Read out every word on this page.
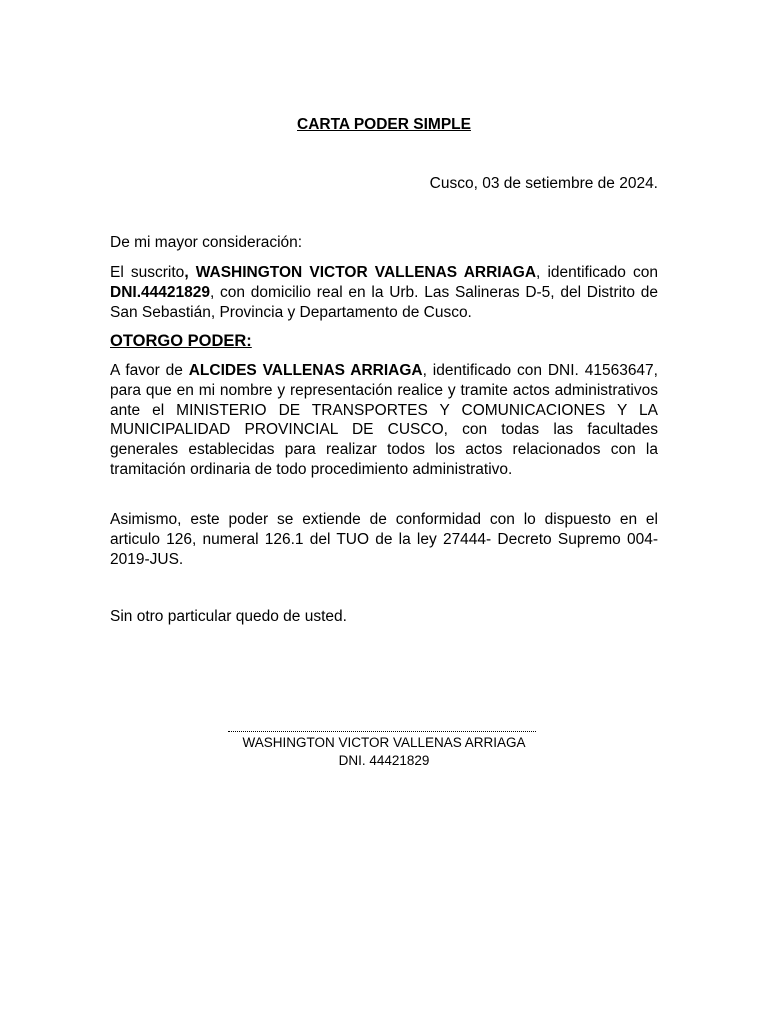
CARTA PODER SIMPLE
Cusco, 03 de setiembre de 2024.
De mi mayor consideración:
El suscrito, WASHINGTON VICTOR VALLENAS ARRIAGA, identificado con DNI.44421829, con domicilio real en la Urb. Las Salineras D-5, del Distrito de San Sebastián, Provincia y Departamento de Cusco.
OTORGO PODER:
A favor de ALCIDES VALLENAS ARRIAGA, identificado con DNI. 41563647, para que en mi nombre y representación realice y tramite actos administrativos ante el MINISTERIO DE TRANSPORTES Y COMUNICACIONES Y LA MUNICIPALIDAD PROVINCIAL DE CUSCO, con todas las facultades generales establecidas para realizar todos los actos relacionados con la tramitación ordinaria de todo procedimiento administrativo.
Asimismo, este poder se extiende de conformidad con lo dispuesto en el articulo 126, numeral 126.1 del TUO de la ley 27444- Decreto Supremo 004-2019-JUS.
Sin otro particular quedo de usted.
WASHINGTON VICTOR VALLENAS ARRIAGA
DNI. 44421829
